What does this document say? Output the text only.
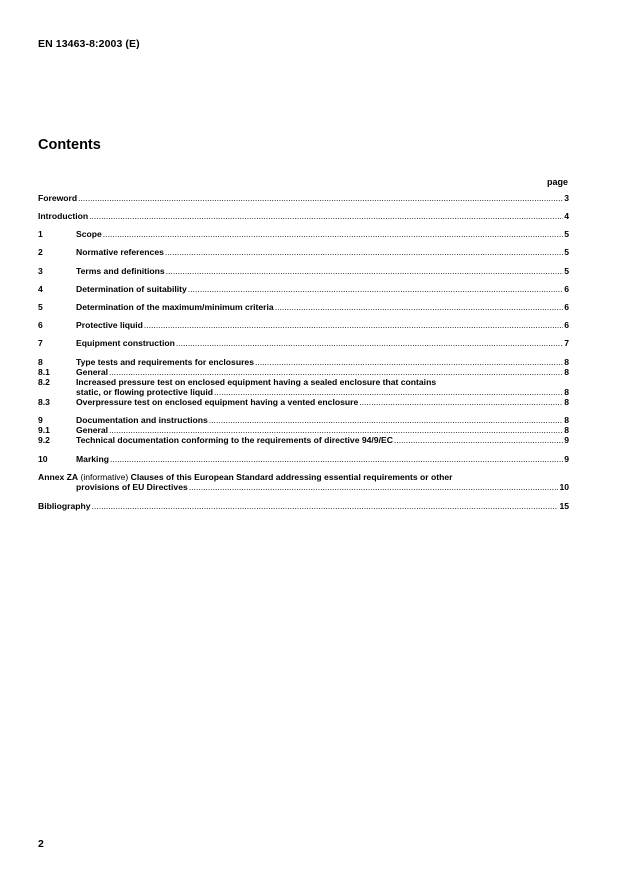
EN 13463-8:2003 (E)
Contents
page
Foreword .....	3
Introduction .....	4
1	Scope .....	5
2	Normative references .....	5
3	Terms and definitions .....	5
4	Determination of suitability .....	6
5	Determination of the maximum/minimum criteria .....	6
6	Protective liquid .....	6
7	Equipment construction .....	7
8	Type tests and requirements for enclosures .....	8
8.1	General .....	8
8.2	Increased pressure test on enclosed equipment having a sealed enclosure that contains
static, or flowing protective liquid .....	8
8.3	Overpressure test on enclosed equipment having a vented enclosure .....	8
9	Documentation and instructions .....	8
9.1	General .....	8
9.2	Technical documentation conforming to the requirements of directive 94/9/EC .....	9
10	Marking .....	9
Annex ZA (informative) Clauses of this European Standard addressing essential requirements or other
provisions of EU Directives .....	10
Bibliography .....	15
2
